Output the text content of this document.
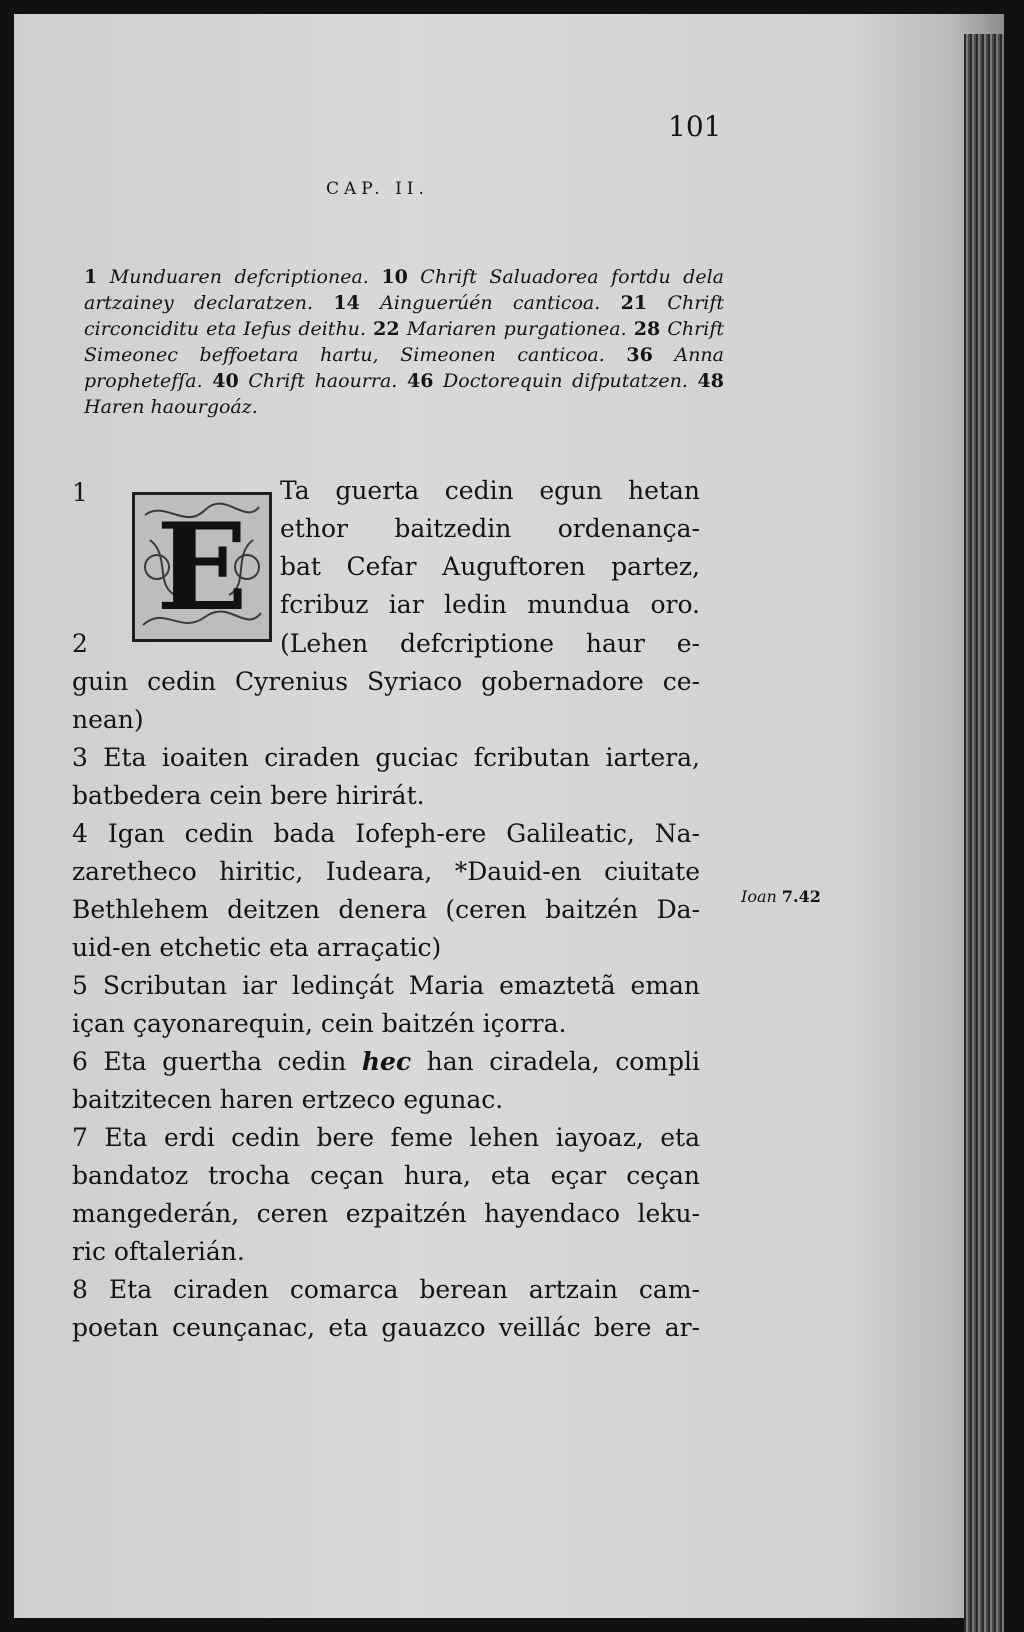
101
CAP. II.
1 Munduaren defcriptionea. 10 Chrift Saluadorea fortdu dela artzainey declaratzen. 14 Ainguerúén canticoa. 21 Chrift circonciditu eta Iefus deithu. 22 Mariaren purgationea. 28 Chrift Simeonec beffoetara hartu, Simeonen canticoa. 36 Anna prophetefſa. 40 Chrift haourra. 46 Doctorequin difputatzen. 48 Haren haourgoáz.
1
E
Ta guerta cedin egun hetan
ethor baitzedin ordenança-
bat Cefar Auguftoren partez,
fcribuz iar ledin mundua oro.
2	(Lehen defcriptione haur e-
guin cedin Cyrenius Syriaco gobernadore ce-
nean)
3 Eta ioaiten ciraden guciac fcributan iartera,
batbedera cein bere hirirát.
4 Igan cedin bada Iofeph-ere Galileatic, Na-
zaretheco hiritic, Iudeara, *Dauid-en ciuitate
Bethlehem deitzen denera (ceren baitzén Da-
uid-en etchetic eta arraçatic)
5 Scributan iar ledinçát Maria emaztetã eman
içan çayonarequin, cein baitzén içorra.
6 Eta guertha cedin hec han ciradela, compli
baitzitecen haren ertzeco egunac.
7 Eta erdi cedin bere feme lehen iayoaz, eta
bandatoz trocha ceçan hura, eta eçar ceçan
mangederán, ceren ezpaitzén hayendaco leku-
ric oftalerián.
8 Eta ciraden comarca berean artzain cam-
poetan ceunçanac, eta gauazco veillác bere ar-
Ioan 7.42
